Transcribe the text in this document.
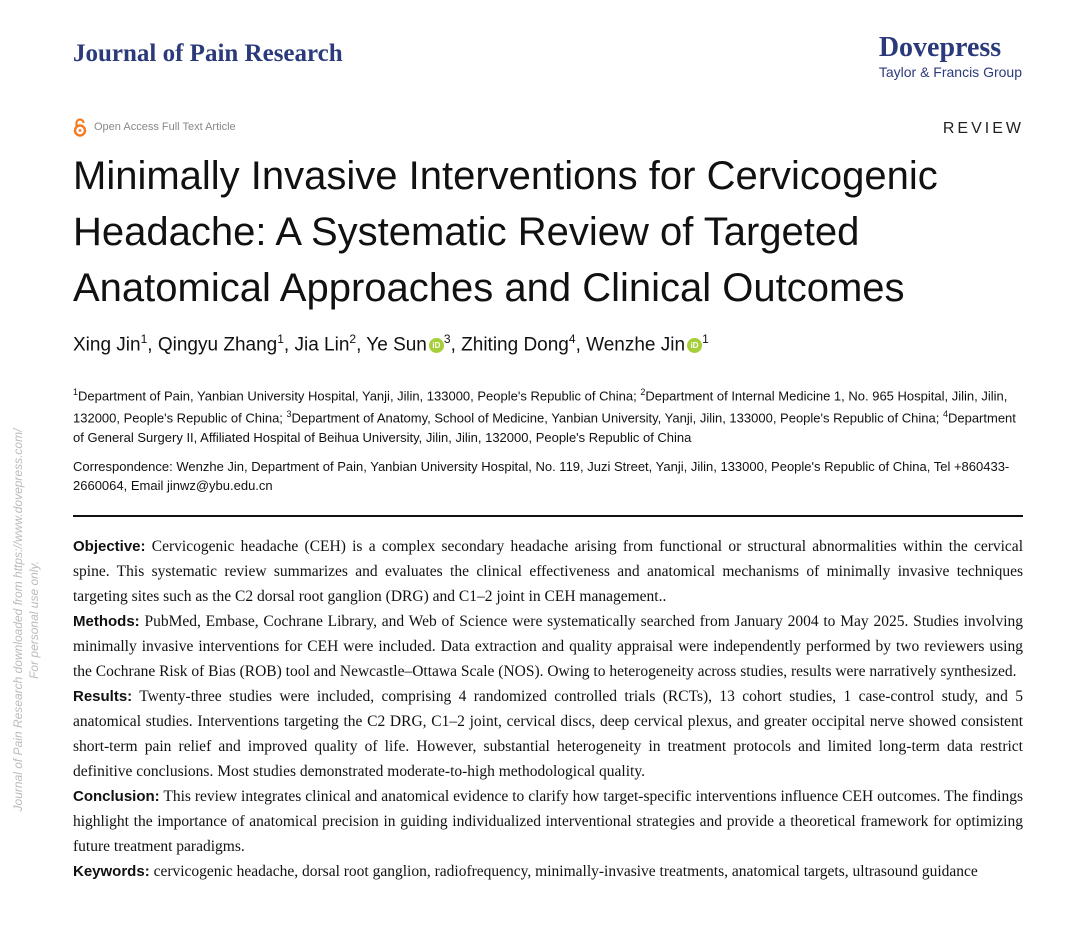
Journal of Pain Research	Dovepress
Taylor & Francis Group
Open Access Full Text Article	REVIEW
Minimally Invasive Interventions for Cervicogenic Headache: A Systematic Review of Targeted Anatomical Approaches and Clinical Outcomes
Xing Jin$^1$, Qingyu Zhang$^1$, Jia Lin$^2$, Ye Sun iD $^3$, Zhiting Dong$^4$, Wenzhe Jin iD $^1$
$^1$Department of Pain, Yanbian University Hospital, Yanji, Jilin, 133000, People's Republic of China; $^2$Department of Internal Medicine 1, No. 965 Hospital, Jilin, Jilin, 132000, People's Republic of China; $^3$Department of Anatomy, School of Medicine, Yanbian University, Yanji, Jilin, 133000, People's Republic of China; $^4$Department of General Surgery II, Affiliated Hospital of Beihua University, Jilin, Jilin, 132000, People's Republic of China
Correspondence: Wenzhe Jin, Department of Pain, Yanbian University Hospital, No. 119, Juzi Street, Yanji, Jilin, 133000, People's Republic of China, Tel +860433-2660064, Email jinwz@ybu.edu.cn

Objective: Cervicogenic headache (CEH) is a complex secondary headache arising from functional or structural abnormalities within the cervical spine. This systematic review summarizes and evaluates the clinical effectiveness and anatomical mechanisms of minimally invasive techniques targeting sites such as the C2 dorsal root ganglion (DRG) and C1–2 joint in CEH management..

Methods: PubMed, Embase, Cochrane Library, and Web of Science were systematically searched from January 2004 to May 2025. Studies involving minimally invasive interventions for CEH were included. Data extraction and quality appraisal were independently performed by two reviewers using the Cochrane Risk of Bias (ROB) tool and Newcastle–Ottawa Scale (NOS). Owing to heterogeneity across studies, results were narratively synthesized.

Results: Twenty-three studies were included, comprising 4 randomized controlled trials (RCTs), 13 cohort studies, 1 case-control study, and 5 anatomical studies. Interventions targeting the C2 DRG, C1–2 joint, cervical discs, deep cervical plexus, and greater occipital nerve showed consistent short-term pain relief and improved quality of life. However, substantial heterogeneity in treatment protocols and limited long-term data restrict definitive conclusions. Most studies demonstrated moderate-to-high methodological quality.

Conclusion: This review integrates clinical and anatomical evidence to clarify how target-specific interventions influence CEH outcomes. The findings highlight the importance of anatomical precision in guiding individualized interventional strategies and provide a theoretical framework for optimizing future treatment paradigms.

Keywords: cervicogenic headache, dorsal root ganglion, radiofrequency, minimally-invasive treatments, anatomical targets, ultrasound guidance

Journal of Pain Research downloaded from https://www.dovepress.com/ For personal use only.
